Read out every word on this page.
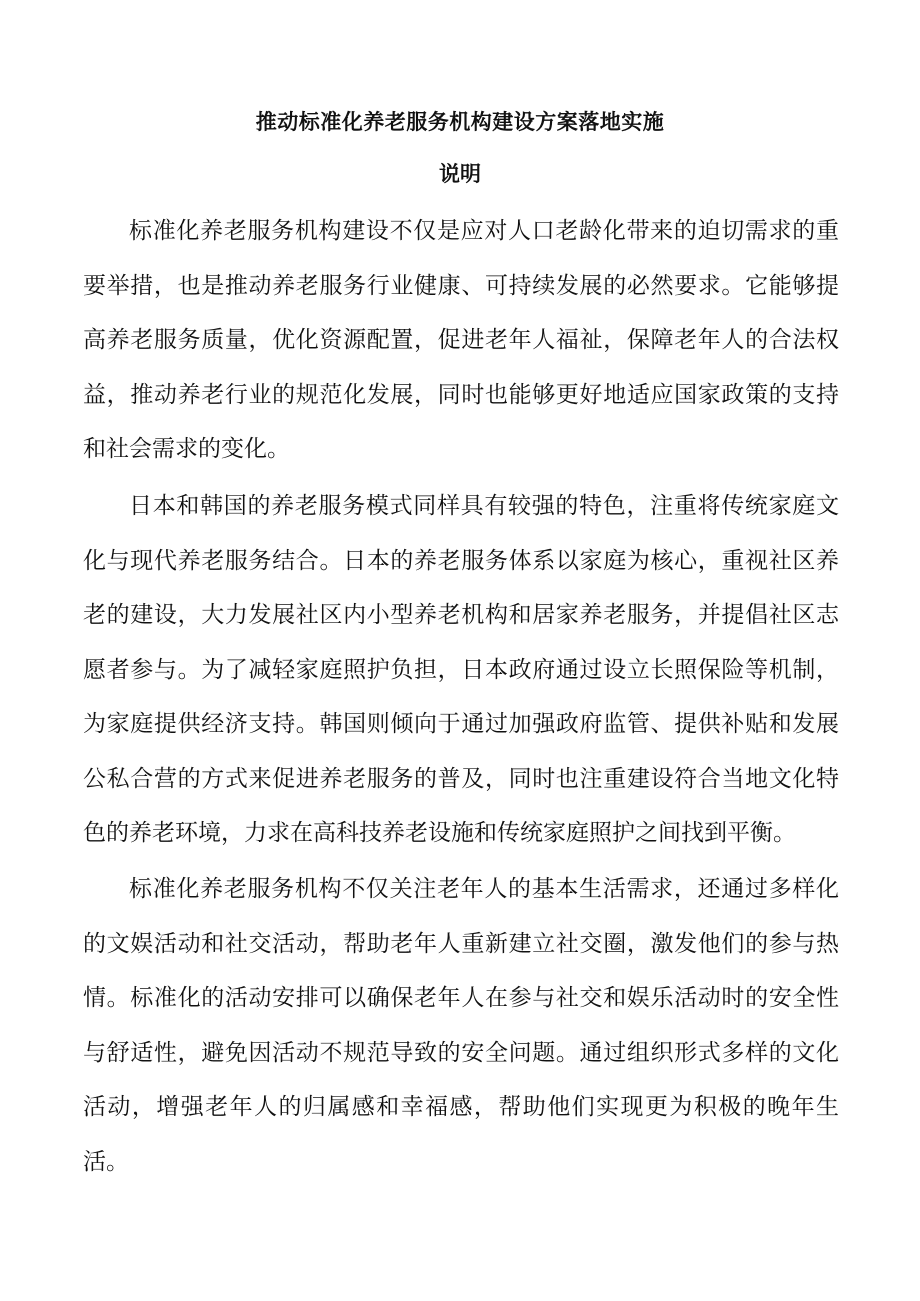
推动标准化养老服务机构建设方案落地实施
说明

标准化养老服务机构建设不仅是应对人口老龄化带来的迫切需求的重要举措，也是推动养老服务行业健康、可持续发展的必然要求。它能够提高养老服务质量，优化资源配置，促进老年人福祉，保障老年人的合法权益，推动养老行业的规范化发展，同时也能够更好地适应国家政策的支持和社会需求的变化。

日本和韩国的养老服务模式同样具有较强的特色，注重将传统家庭文化与现代养老服务结合。日本的养老服务体系以家庭为核心，重视社区养老的建设，大力发展社区内小型养老机构和居家养老服务，并提倡社区志愿者参与。为了减轻家庭照护负担，日本政府通过设立长照保险等机制，为家庭提供经济支持。韩国则倾向于通过加强政府监管、提供补贴和发展公私合营的方式来促进养老服务的普及，同时也注重建设符合当地文化特色的养老环境，力求在高科技养老设施和传统家庭照护之间找到平衡。

标准化养老服务机构不仅关注老年人的基本生活需求，还通过多样化的文娱活动和社交活动，帮助老年人重新建立社交圈，激发他们的参与热情。标准化的活动安排可以确保老年人在参与社交和娱乐活动时的安全性与舒适性，避免因活动不规范导致的安全问题。通过组织形式多样的文化活动，增强老年人的归属感和幸福感，帮助他们实现更为积极的晚年生活。
